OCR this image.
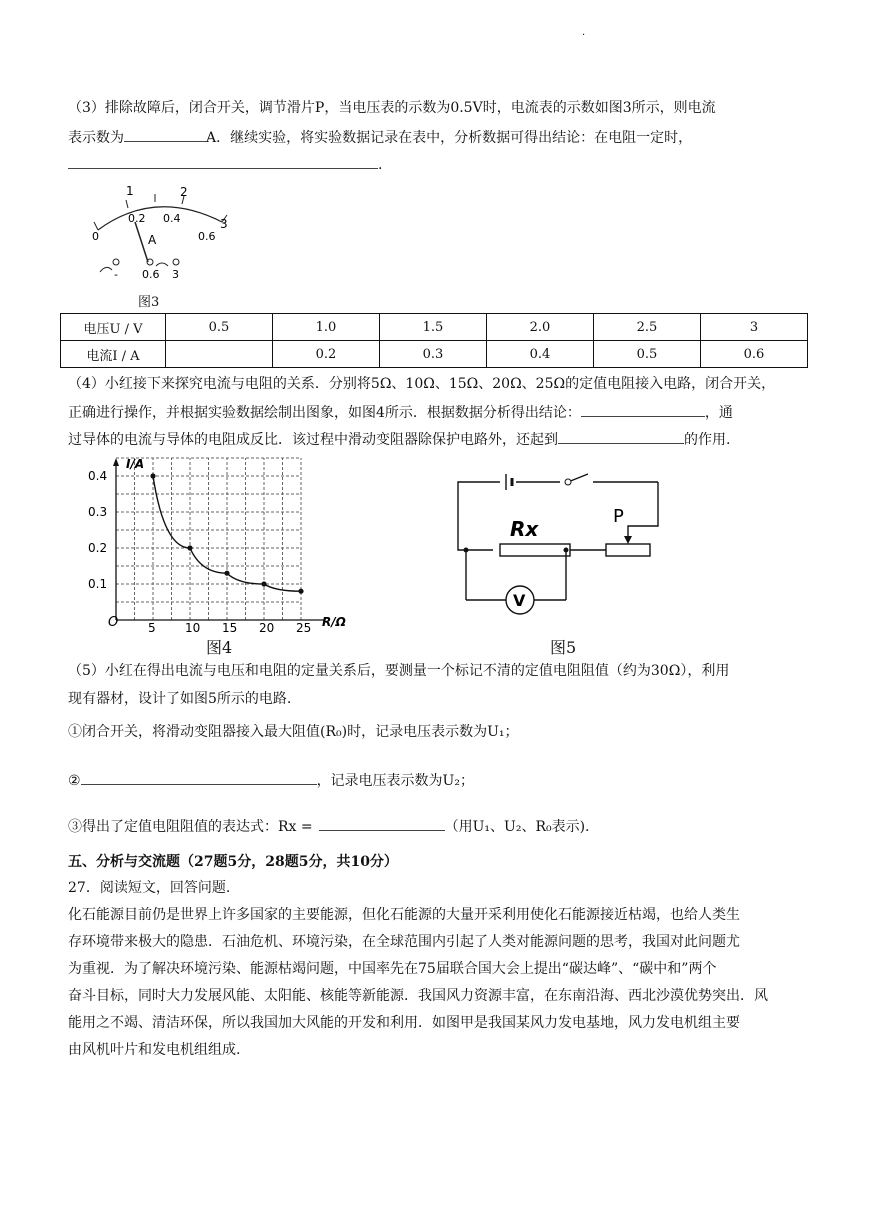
·
（3）排除故障后，闭合开关，调节滑片P，当电压表的示数为0.5V时，电流表的示数如图3所示，则电流
表示数为	A．继续实验，将实验数据记录在表中，分析数据可得出结论：在电阻一定时，
.
1	2
3
0
0.2 0.4
0.6
A
- 0.6 3
图3
电压U / V	0.5	1.0	1.5	2.0	2.5	3
电流I / A		0.2	0.3	0.4	0.5	0.6
（4）小红接下来探究电流与电阻的关系．分别将5Ω、10Ω、15Ω、20Ω、25Ω的定值电阻接入电路，闭合开关，
正确进行操作，并根据实验数据绘制出图象，如图4所示．根据数据分析得出结论：	，通
过导体的电流与导体的电阻成反比．该过程中滑动变阻器除保护电路外，还起到	的作用.
I/A
R/Ω
O
0.4
0.3
0.2
0.1
5 10 15 20 25
图4
Rx
P
V
图5
（5）小红在得出电流与电压和电阻的定量关系后，要测量一个标记不清的定值电阻阻值（约为30Ω），利用
现有器材，设计了如图5所示的电路.
①闭合开关，将滑动变阻器接入最大阻值(R₀)时，记录电压表示数为U₁；
②	，记录电压表示数为U₂；
③得出了定值电阻阻值的表达式：Rx =	（用U₁、U₂、R₀表示).
五、分析与交流题（27题5分，28题5分，共10分）
27．阅读短文，回答问题.
化石能源目前仍是世界上许多国家的主要能源，但化石能源的大量开采利用使化石能源接近枯竭，也给人类生
存环境带来极大的隐患．石油危机、环境污染，在全球范围内引起了人类对能源问题的思考，我国对此问题尤
为重视．为了解决环境污染、能源枯竭问题，中国率先在75届联合国大会上提出“碳达峰”、“碳中和”两个
奋斗目标，同时大力发展风能、太阳能、核能等新能源．我国风力资源丰富，在东南沿海、西北沙漠优势突出．风
能用之不竭、清洁环保，所以我国加大风能的开发和利用．如图甲是我国某风力发电基地，风力发电机组主要
由风机叶片和发电机组组成.
